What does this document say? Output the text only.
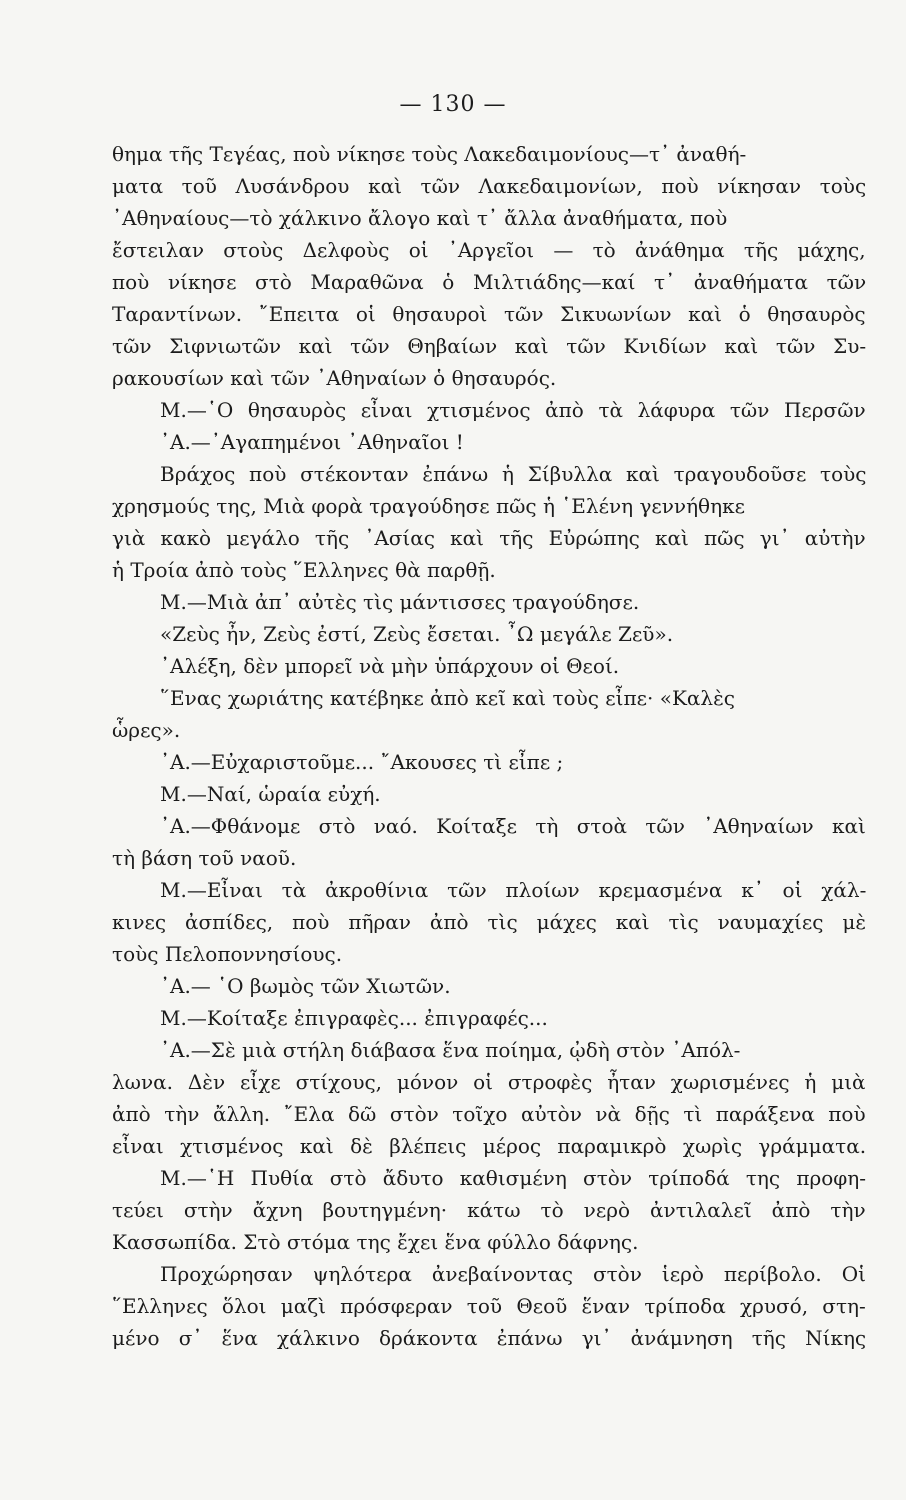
— 130 —
θημα τῆς Τεγέας, ποὺ νίκησε τοὺς Λακεδαιμονίους—τ᾽ ἀναθή-
ματα τοῦ Λυσάνδρου καὶ τῶν Λακεδαιμονίων, ποὺ νίκησαν τοὺς
᾽Αθηναίους—τὸ χάλκινο ἄλογο καὶ τ᾽ ἄλλα ἀναθήματα, ποὺ
ἔστειλαν στοὺς Δελφοὺς οἱ ᾽Αργεῖοι — τὸ ἀνάθημα τῆς μάχης,
ποὺ νίκησε στὸ Μαραθῶνα ὁ Μιλτιάδης—καί τ᾽ ἀναθήματα τῶν
Ταραντίνων. ῎Επειτα οἱ θησαυροὶ τῶν Σικυωνίων καὶ ὁ θησαυρὸς
τῶν Σιφνιωτῶν καὶ τῶν Θηβαίων καὶ τῶν Κνιδίων καὶ τῶν Συ-
ρακουσίων καὶ τῶν ᾽Αθηναίων ὁ θησαυρός.
Μ.—῾Ο θησαυρὸς εἶναι χτισμένος ἀπὸ τὰ λάφυρα τῶν Περσῶν
᾽Α.—᾽Αγαπημένοι ᾽Αθηναῖοι !
Βράχος ποὺ στέκονταν ἐπάνω ἡ Σίβυλλα καὶ τραγουδοῦσε τοὺς
χρησμούς της, Μιὰ φορὰ τραγούδησε πῶς ἡ ῾Ελένη γεννήθηκε
γιὰ κακὸ μεγάλο τῆς ᾽Ασίας καὶ τῆς Εὐρώπης καὶ πῶς γι᾽ αὐτὴν
ἡ Τροία ἀπὸ τοὺς ῞Ελληνες θὰ παρθῇ.
Μ.—Μιὰ ἀπ᾽ αὐτὲς τὶς μάντισσες τραγούδησε.
«Ζεὺς ἦν, Ζεὺς ἐστί, Ζεὺς ἔσεται. ῏Ω μεγάλε Ζεῦ».
᾽Αλέξη, δὲν μπορεῖ νὰ μὴν ὑπάρχουν οἱ Θεοί.
῞Ενας χωριάτης κατέβηκε ἀπὸ κεῖ καὶ τοὺς εἶπε· «Καλὲς
ὧρες».
᾽Α.—Εὐχαριστοῦμε... ῎Ακουσες τὶ εἶπε ;
Μ.—Ναί, ὡραία εὐχή.
᾽Α.—Φθάνομε στὸ ναό. Κοίταξε τὴ στοὰ τῶν ᾽Αθηναίων καὶ
τὴ βάση τοῦ ναοῦ.
Μ.—Εἶναι τὰ ἀκροθίνια τῶν πλοίων κρεμασμένα κ᾽ οἱ χάλ-
κινες ἀσπίδες, ποὺ πῆραν ἀπὸ τὶς μάχες καὶ τὶς ναυμαχίες μὲ
τοὺς Πελοποννησίους.
᾽Α.— ῾Ο βωμὸς τῶν Χιωτῶν.
Μ.—Κοίταξε ἐπιγραφὲς... ἐπιγραφές...
᾽Α.—Σὲ μιὰ στήλη διάβασα ἕνα ποίημα, ᾠδὴ στὸν ᾽Απόλ-
λωνα. Δὲν εἶχε στίχους, μόνον οἱ στροφὲς ἦταν χωρισμένες ἡ μιὰ
ἀπὸ τὴν ἄλλη. ῎Ελα δῶ στὸν τοῖχο αὐτὸν νὰ δῇς τὶ παράξενα ποὺ
εἶναι χτισμένος καὶ δὲ βλέπεις μέρος παραμικρὸ χωρὶς γράμματα.
Μ.—῾Η Πυθία στὸ ἄδυτο καθισμένη στὸν τρίποδά της προφη-
τεύει στὴν ἄχνη βουτηγμένη· κάτω τὸ νερὸ ἀντιλαλεῖ ἀπὸ τὴν
Κασσωπίδα. Στὸ στόμα της ἔχει ἕνα φύλλο δάφνης.
Προχώρησαν ψηλότερα ἀνεβαίνοντας στὸν ἱερὸ περίβολο. Οἱ
῞Ελληνες ὅλοι μαζὶ πρόσφεραν τοῦ Θεοῦ ἕναν τρίποδα χρυσό, στη-
μένο σ᾽ ἕνα χάλκινο δράκοντα ἐπάνω γι᾽ ἀνάμνηση τῆς Νίκης
